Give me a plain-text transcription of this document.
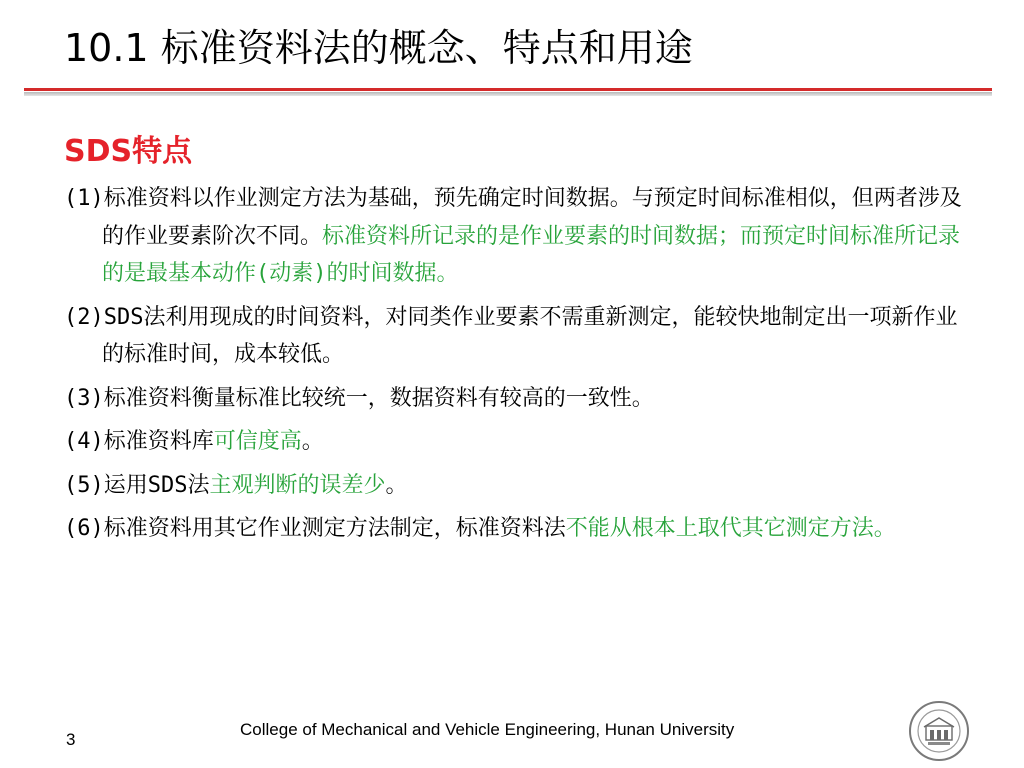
10.1 标准资料法的概念、特点和用途
SDS特点
(1)标准资料以作业测定方法为基础，预先确定时间数据。与预定时间标准相似，但两者涉及的作业要素阶次不同。标准资料所记录的是作业要素的时间数据；而预定时间标准所记录的是最基本动作(动素)的时间数据。
(2)SDS法利用现成的时间资料，对同类作业要素不需重新测定，能较快地制定出一项新作业的标准时间，成本较低。
(3)标准资料衡量标准比较统一，数据资料有较高的一致性。
(4)标准资料库可信度高。
(5)运用SDS法主观判断的误差少。
(6)标准资料用其它作业测定方法制定，标准资料法不能从根本上取代其它测定方法。
3
College of Mechanical and Vehicle Engineering, Hunan University
